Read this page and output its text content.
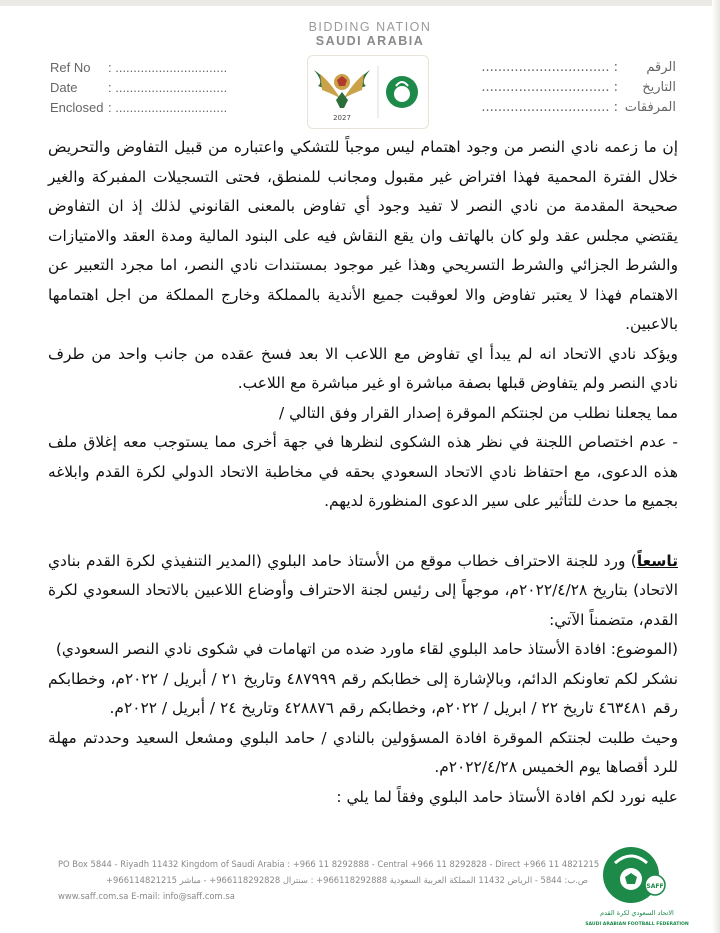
BIDDING NATION
SAUDI ARABIA
2027
Ref No : ...............................
Date : ...............................
Enclosed : ...............................
الرقم: ...............................
التاريخ: ...............................
المرفقات: ...............................

إن ما زعمه نادي النصر من وجود اهتمام ليس موجباً للتشكي واعتباره من قبيل التفاوض والتحريض خلال الفترة المحمية فهذا افتراض غير مقبول ومجانب للمنطق، فحتى التسجيلات المفبركة والغير صحيحة المقدمة من نادي النصر لا تفيد وجود أي تفاوض بالمعنى القانوني لذلك إذ ان التفاوض يقتضي مجلس عقد ولو كان بالهاتف وان يقع النقاش فيه على البنود المالية ومدة العقد والامتيازات والشرط الجزائي والشرط التسريحي وهذا غير موجود بمستندات نادي النصر، اما مجرد التعبير عن الاهتمام فهذا لا يعتبر تفاوض والا لعوقبت جميع الأندية بالمملكة وخارج المملكة من اجل اهتمامها بالاعبين.

ويؤكد نادي الاتحاد انه لم يبدأ اي تفاوض مع اللاعب الا بعد فسخ عقده من جانب واحد من طرف نادي النصر ولم يتفاوض قبلها بصفة مباشرة او غير مباشرة مع اللاعب.

مما يجعلنا نطلب من لجنتكم الموقرة إصدار القرار وفق التالي /

- عدم اختصاص اللجنة في نظر هذه الشكوى لنظرها في جهة أخرى مما يستوجب معه إغلاق ملف هذه الدعوى، مع احتفاظ نادي الاتحاد السعودي بحقه في مخاطبة الاتحاد الدولي لكرة القدم وابلاغه بجميع ما حدث للتأثير على سير الدعوى المنظورة لديهم.

تاسعاً) ورد للجنة الاحتراف خطاب موقع من الأستاذ حامد البلوي (المدير التنفيذي لكرة القدم بنادي الاتحاد) بتاريخ ٢٠٢٢/٤/٢٨م، موجهاً إلى رئيس لجنة الاحتراف وأوضاع اللاعبين بالاتحاد السعودي لكرة القدم، متضمناً الآتي:

(الموضوع: افادة الأستاذ حامد البلوي لقاء ماورد ضده من اتهامات في شكوى نادي النصر السعودي)

نشكر لكم تعاونكم الدائم، وبالإشارة إلى خطابكم رقم ٤٨٧٩٩٩ وتاريخ ٢١ / أبريل / ٢٠٢٢م، وخطابكم رقم ٤٦٣٤٨١ تاريخ ٢٢ / ابريل / ٢٠٢٢م، وخطابكم رقم ٤٢٨٨٧٦ وتاريخ ٢٤ / أبريل / ٢٠٢٢م.

وحيث طلبت لجنتكم الموقرة افادة المسؤولين بالنادي / حامد البلوي ومشعل السعيد وحددتم مهلة للرد أقصاها يوم الخميس ٢٠٢٢/٤/٢٨م.

عليه نورد لكم افادة الأستاذ حامد البلوي وفقاً لما يلي :

PO Box 5844 - Riyadh 11432 Kingdom of Saudi Arabia : +966 11 8292888 - Central +966 11 8292828 - Direct +966 11 4821215
ص.ب: 5844 - الرياض 11432 المملكة العربية السعودية 966118292888+ : سنترال 966118292828+ - مباشر 966114821215+
www.saff.com.sa E-mail: info@saff.com.sa
SAFF
الاتحاد السعودي لكرة القدم
SAUDI ARABIAN FOOTBALL FEDERATION
